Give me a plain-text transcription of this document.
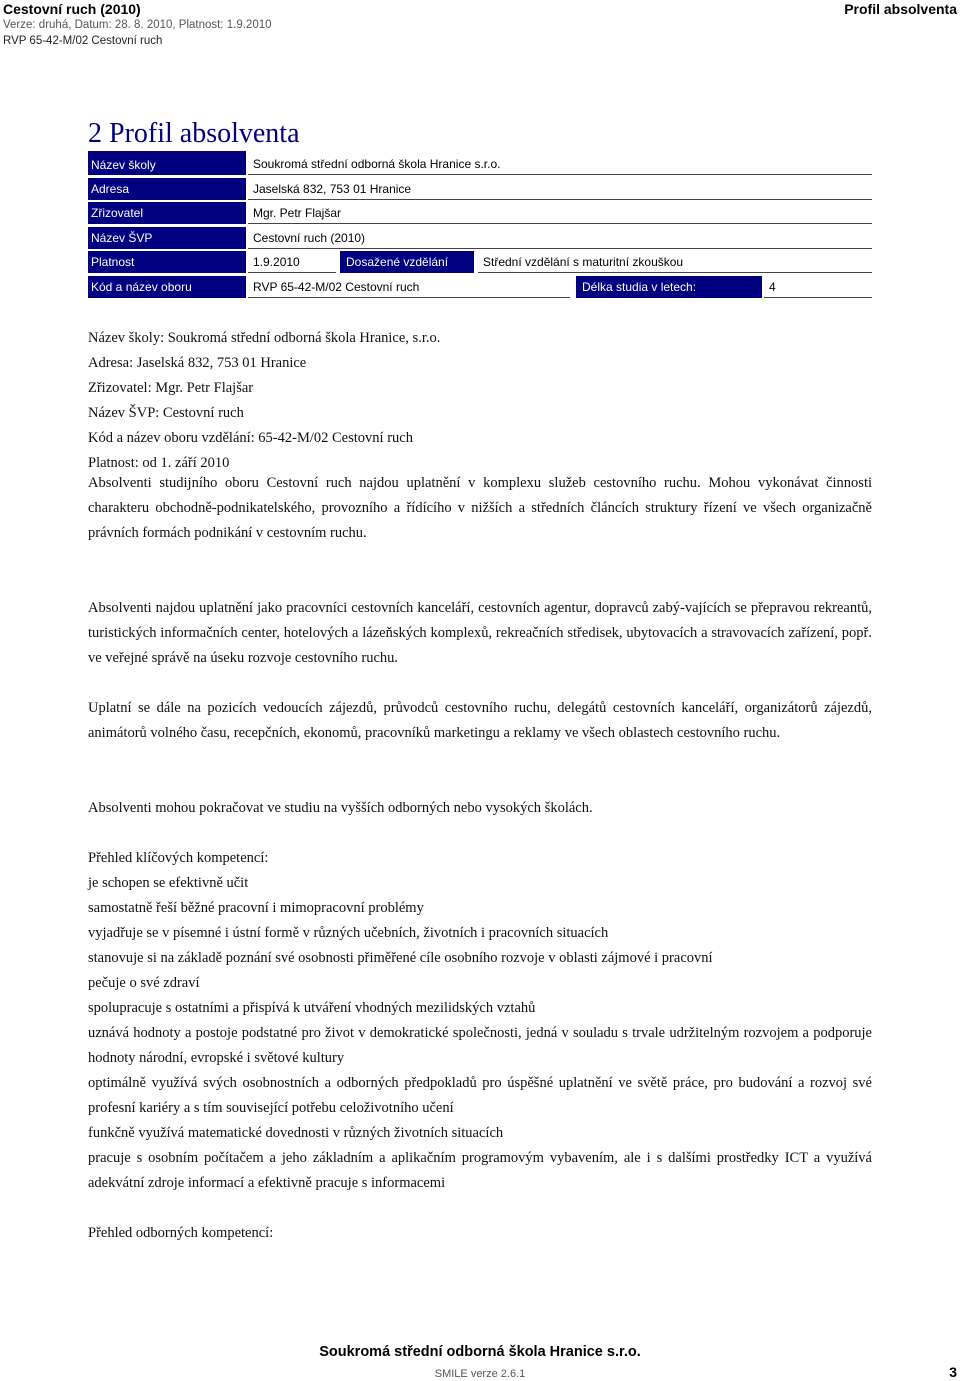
Cestovní ruch (2010)
Verze: druhá, Datum: 28. 8. 2010, Platnost: 1.9.2010
RVP 65-42-M/02 Cestovní ruch
Profil absolventa
2 Profil absolventa
Název školy	Soukromá střední odborná škola Hranice s.r.o.
Adresa	Jaselská 832, 753 01 Hranice
Zřizovatel	Mgr. Petr Flajšar
Název ŠVP	Cestovní ruch (2010)
Platnost	1.9.2010	Dosažené vzdělání	Střední vzdělání s maturitní zkouškou
Kód a název oboru	RVP 65-42-M/02 Cestovní ruch	Délka studia v letech:	4
Název školy: Soukromá střední odborná škola Hranice, s.r.o.
Adresa: Jaselská 832, 753 01 Hranice
Zřizovatel: Mgr. Petr Flajšar
Název ŠVP: Cestovní ruch
Kód a název oboru vzdělání: 65-42-M/02 Cestovní ruch
Platnost: od 1. září 2010
Absolventi studijního oboru Cestovní ruch najdou uplatnění v komplexu služeb cestovního ruchu. Mohou vykonávat činnosti charakteru obchodně-podnikatelského, provozního a řídícího v nižších a středních článcích struktury řízení ve všech organizačně právních formách podnikání v cestovním ruchu.
Absolventi najdou uplatnění jako pracovníci cestovních kanceláří, cestovních agentur, dopravců zabý-vajících se přepravou rekreantů, turistických informačních center, hotelových a lázeňských komplexů, rekreačních středisek, ubytovacích a stravovacích zařízení, popř. ve veřejné správě na úseku rozvoje cestovního ruchu.
Uplatní se dále na pozicích vedoucích zájezdů, průvodců cestovního ruchu, delegátů cestovních kanceláří, organizátorů zájezdů, animátorů volného času, recepčních, ekonomů, pracovníků marketingu a reklamy ve všech oblastech cestovního ruchu.
Absolventi mohou pokračovat ve studiu na vyšších odborných nebo vysokých školách.
Přehled klíčových kompetencí:
je schopen se efektivně učit
samostatně řeší běžné pracovní i mimopracovní problémy
vyjadřuje se v písemné i ústní formě v různých učebních, životních i pracovních situacích
stanovuje si na základě poznání své osobnosti přiměřené cíle osobního rozvoje v oblasti zájmové i pracovní
pečuje o své zdraví
spolupracuje s ostatními a přispívá k utváření vhodných mezilidských vztahů
uznává hodnoty a postoje podstatné pro život v demokratické společnosti, jedná v souladu s trvale udržitelným rozvojem a podporuje hodnoty národní, evropské i světové kultury
optimálně využívá svých osobnostních a odborných předpokladů pro úspěšné uplatnění ve světě práce, pro budování a rozvoj své profesní kariéry a s tím související potřebu celoživotního učení
funkčně využívá matematické dovednosti v různých životních situacích
pracuje s osobním počítačem a jeho základním a aplikačním programovým vybavením, ale i s dalšími prostředky ICT a využívá adekvátní zdroje informací a efektivně pracuje s informacemi
Přehled odborných kompetencí:
Soukromá střední odborná škola Hranice s.r.o.
SMILE verze 2.6.1	3
